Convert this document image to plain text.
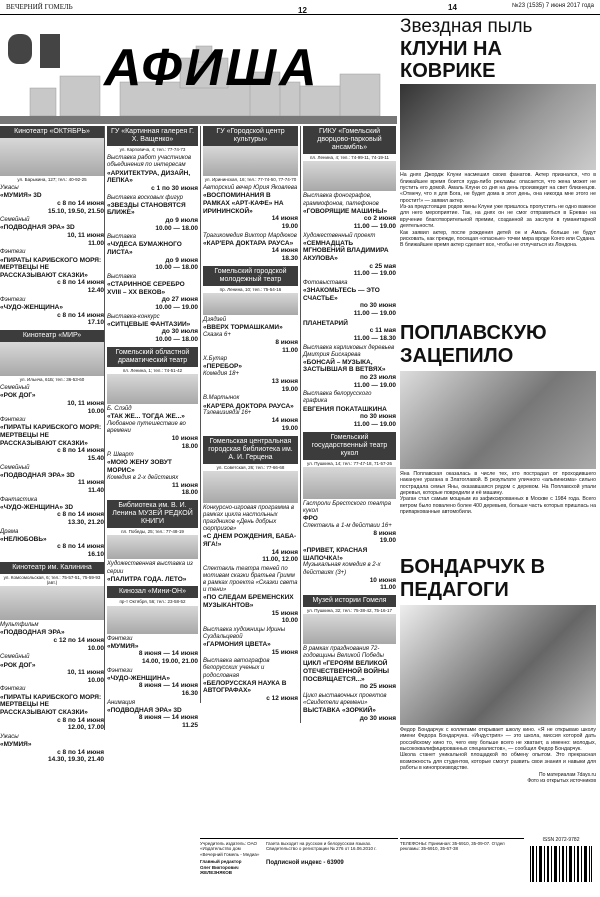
ВЕЧЕРНИЙ ГОМЕЛЬ	12	14	№23 (1535) 7 июня 2017 года
АФИША
Кинотеатр «ОКТЯБРЬ»
ул. Барыкина, 127; тел.: 40-92-25
Ужасы
«МУМИЯ» 3D
с 8 по 14 июня
15.10, 19.50, 21.50
Семейный
«ПОДВОДНАЯ ЭРА» 3D
10, 11 июня
11.00
Фэнтези
«ПИРАТЫ КАРИБСКОГО МОРЯ: МЕРТВЕЦЫ НЕ РАССКАЗЫВАЮТ СКАЗКИ»
с 8 по 14 июня
12.40
Фэнтези
«ЧУДО-ЖЕНЩИНА»
с 8 по 14 июня
17.10
Кинотеатр «МИР»
ул. Ильича, 61Б; тел.: 36-53-60
Семейный
«РОК ДОГ»
10, 11 июня
10.00
Фэнтези
«ПИРАТЫ КАРИБСКОГО МОРЯ: МЕРТВЕЦЫ НЕ РАССКАЗЫВАЮТ СКАЗКИ»
с 8 по 14 июня
15.40
Семейный
«ПОДВОДНАЯ ЭРА» 3D
11 июня
11.40
Фантастика
«ЧУДО-ЖЕНЩИНА» 3D
с 8 по 14 июня
13.30, 21.20
Драма
«НЕЛЮБОВЬ»
с 8 по 14 июня
16.10
Кинотеатр им. Калинина
ул. Комсомольская, 6; тел.: 75-57-51, 75-59-93 (авт.)
Мультфильм
«ПОДВОДНАЯ ЭРА»
с 12 по 14 июня
10.00
Семейный
«РОК ДОГ»
10, 11 июня
10.00
Фэнтези
«ПИРАТЫ КАРИБСКОГО МОРЯ: МЕРТВЕЦЫ НЕ РАССКАЗЫВАЮТ СКАЗКИ»
с 8 по 14 июня
12.00, 17.00
Ужасы
«МУМИЯ»
с 8 по 14 июня
14.30, 19.30, 21.40
ГУ «Картинная галерея Г. Х. Ващенко»
ул. Карповича, 4; тел.: 77-74-73
Выставка работ участников объединения по интересам
«АРХИТЕКТУРА, ДИЗАЙН, ЛЕПКА»
с 1 по 30 июня
Выставка восковых фигур
«ЗВЕЗДЫ СТАНОВЯТСЯ БЛИЖЕ»
до 9 июля
10.00 — 18.00
Выставка
«ЧУДЕСА БУМАЖНОГО ЛИСТА»
до 9 июня
10.00 — 18.00
Выставка
«СТАРИННОЕ СЕРЕБРО XVIII – XX ВЕКОВ»
до 27 июня
10.00 — 19.00
Выставка-конкурс
«СИТЦЕВЫЕ ФАНТАЗИИ»
до 30 июля
10.00 — 18.00
Гомельский областной драматический театр
пл. Ленина, 1; тел.: 74-51-42
Б. Слэйд
«ТАК ЖЕ... ТОГДА ЖЕ...»
Любовное путешествие во времени
10 июня
18.00
Р. Шварт
«МОЮ ЖЕНУ ЗОВУТ МОРИС»
Комедия в 2-х действиях
11 июня
18.00
Библиотека им. В. И. Ленина МУЗЕЙ РЕДКОЙ КНИГИ
пл. Победы, 25; тел.: 77-48-19
Художественная выставка из серии
«ПАЛИТРА ГОДА. ЛЕТО»
Кинозал «Мини-ОН»
пр-т Октября, 56; тел.: 23-58-52
Фэнтези
«МУМИЯ»
8 июня — 14 июня
14.00, 19.00, 21.00
Фэнтези
«ЧУДО-ЖЕНЩИНА»
8 июня — 14 июня
16.30
Анимация
«ПОДВОДНАЯ ЭРА» 3D
8 июня — 14 июня
11.25
ГУ «Городской центр культуры»
ул. Ирининская, 16; тел.: 77-74-50, 77-74-70
Авторский вечер Юрия Яковлева
«ВОСПОМИНАНИЯ В РАМКАХ «АРТ-КАФЕ» НА ИРИНИНСКОЙ»
14 июня
19.00
Трагикомедия Виктор Мардюков
«КАР'ЕРА ДОКТАРА РАУСА»
14 июня
18.30
Гомельский городской молодежный театр
пр. Ленина, 10; тел.: 75-54-16
Дзядзей
«ВВЕРХ ТОРМАШКАМИ»
Сказка 6+
8 июня
11.00
Х.Бутар
«ПЕРЕБОР»
Комедия 18+
13 июня
19.00
В.Мартынок
«КАР'ЕРА ДОКТОРА РАУСА»
Тэлевизиядзi 16+
14 июня
19.00
Гомельская центральная городская библиотека им. А. И. Герцена
ул. Советская, 26; тел.: 77-66-68
Конкурсно-игровая программа в рамках цикла настольных праздников «День добрых сюрпризов»
«С ДНЕМ РОЖДЕНИЯ, БАБА-ЯГА!»
14 июня
11.00, 12.00
Спектакль театра теней по мотивам сказки братьев Гримм в рамках проекта «Сказки света и тени»
«ПО СЛЕДАМ БРЕМЕНСКИХ МУЗЫКАНТОВ»
15 июня
10.00
Выставка художницы Ирины Суздальцевой
«ГАРМОНИЯ ЦВЕТА»
15 июня
Выставка автографов белорусских ученых и родословная
«БЕЛОРУССКАЯ НАУКА В АВТОГРАФАХ»
с 12 июня
ГИКУ «Гомельский дворцово-парковый ансамбль»
пл. Ленина, 4; тел.: 74-99-11, 74-19-11
Выставка фонографов, граммофонов, патефонов
«ГОВОРЯЩИЕ МАШИНЫ»
со 2 июня
11.00 — 19.00
Художественный проект
«СЕМНАДЦАТЬ МГНОВЕНИЙ ВЛАДИМИРА АКУЛОВА»
с 25 мая
11.00 — 19.00
Фотовыставка
«ЗНАКОМЬТЕСЬ — ЭТО СЧАСТЬЕ»
по 30 июня
11.00 — 19.00
ПЛАНЕТАРИЙ
с 11 мая
11.00 — 18.30
Выставка карликовых деревьев Дмитрия Бискарева
«БОНСАЙ – МУЗЫКА, ЗАСТЫВШАЯ В ВЕТВЯХ»
по 23 июля
11.00 — 19.00
Выставка белорусского графика
ЕВГЕНИЯ ПОКАТАШКИНА
по 30 июня
11.00 — 19.00
Гомельский государственный театр кукол
ул. Пушкина, 14; тел.: 77-47-18, 71-57-26
Гастроли Брестского театра кукол
ФРО
Спектакль в 1-м действии 16+
8 июня
19.00
«ПРИВЕТ, КРАСНАЯ ШАПОЧКА!»
Музыкальная комедия в 2-х действиях (3+)
10 июня
11.00
Музей истории Гомеля
ул. Пушкина, 32; тел.: 75-38-42, 75-16-17
В рамках празднования 72-годовщины Великой Победы
ЦИКЛ «ГЕРОЯМ ВЕЛИКОЙ ОТЕЧЕСТВЕННОЙ ВОЙНЫ ПОСВЯЩАЕТСЯ...»
по 25 июня
Цикл выставочных проектов «Свидетели времени»
ВЫСТАВКА «ЗОРКИЙ»
до 30 июня
Учредитель издатель: ОАО «Издательство дом «Вечерний Гомель - Медиа»
Главный редактор
Олег Викторович ЖЕЛЕЗНЯКОВ
Газета выходит на русском и белорусском языках. Свидетельство о регистрации № 276 от 16.06.2010 г.
Подписной индекс - 63909
ТЕЛЕФОНЫ: Приемная: 35-6910, 35-09-07. Отдел рекламы: 35-6910, 35-67-38
ISSN 2072-9782
Звездная пыль
КЛУНИ НА КОВРИКЕ
На днях Джордж Клуни насмешил своих фанатов. Актер признался, что в ближайшее время боится худа-либо рекламы: опасается, что жена может не пустить его домой. Амаль Клуни со дня на день произведет на свет близнецов. «Отмечу, что я для Бога, не будет дома в этот день, она никогда мне этого не простит!» — заявил актер.
Из-за предстоящих родов жены Клуни уже пришлось пропустить не одно важное для него мероприятие. Так, на днях он не смог отправиться в Ереван на вручение благотворительной премии, созданной за заслуги в гуманитарной деятельности.
Как заявил актер, после рождения детей он и Амаль больше не будут рисковать, как прежде, посещая «опасные» точки мира вроде Конго или Судана.
В ближайшее время актер сделает все, чтобы не отлучаться из Лондона.
ПОПЛАВСКУЮ ЗАЦЕПИЛО
Яна Поплавская оказалась в числе тех, кто пострадал от проходившего накануне урагана в Златоглавой. В результате уличного «альпинизма» сильно пострадала семья Яны, оказавшаяся рядом с деревом. На Поплавской упали деревья, которые повредили и её машину.
Ураган стал самым мощным из зафиксированных в Москве с 1984 года. Всего ветром было повалено более 400 деревьев, больше часть которых пришлась на припаркованные автомобили.
БОНДАРЧУК В ПЕДАГОГИ
Федор Бондарчук с коллегами открывает школу кино. «Я не открываю школу имени Федора Бондарчука. «Индустрия» — это школа, миссия которой дать российскому кино то, чего ему больше всего не хватает, а именно: молодых, высококвалифицированных специалистов», — сообщил Федор Бондарчук.
Школа станет уникальной площадкой по обмену опытом. Это прекрасная возможность для студентов, которые смогут развить свои знания и навыки для работы в кинопроизводстве.
По материалам 7days.ru
Фото из открытых источников
